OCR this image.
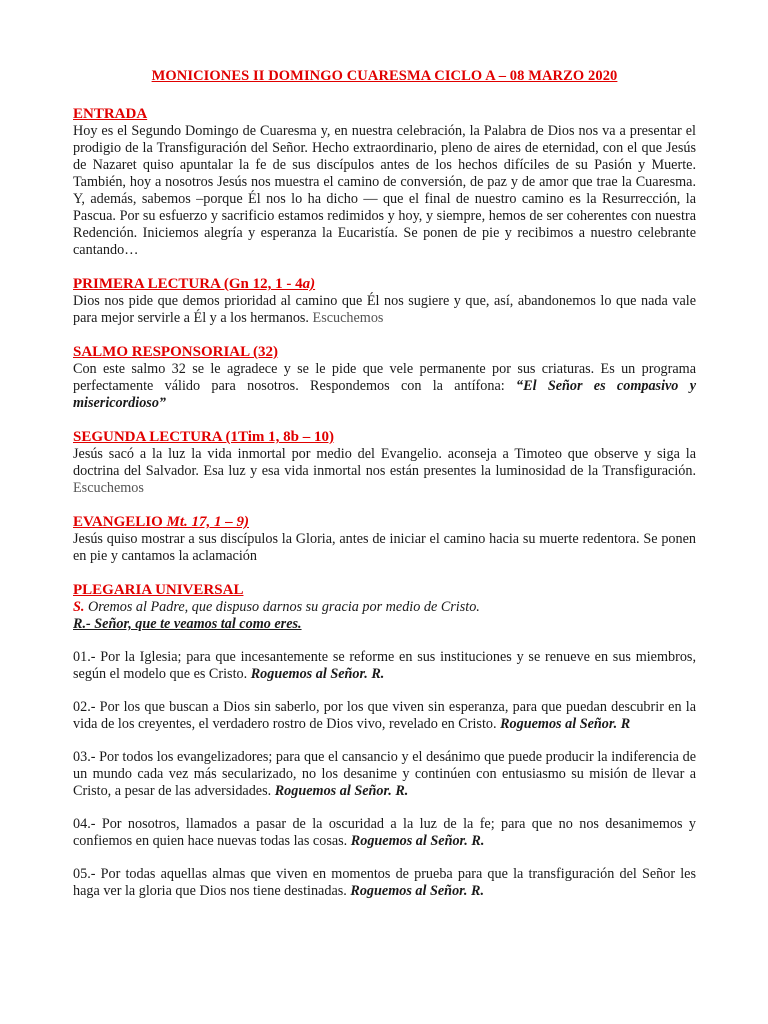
MONICIONES II DOMINGO CUARESMA CICLO A – 08 MARZO 2020
ENTRADA

Hoy es el Segundo Domingo de Cuaresma y, en nuestra celebración, la Palabra de Dios nos va a presentar el prodigio de la Transfiguración del Señor. Hecho extraordinario, pleno de aires de eternidad, con el que Jesús de Nazaret quiso apuntalar la fe de sus discípulos antes de los hechos difíciles de su Pasión y Muerte. También, hoy a nosotros Jesús nos muestra el camino de conversión, de paz y de amor que trae la Cuaresma. Y, además, sabemos –porque Él nos lo ha dicho — que el final de nuestro camino es la Resurrección, la Pascua. Por su esfuerzo y sacrificio estamos redimidos y hoy, y siempre, hemos de ser coherentes con nuestra Redención. Iniciemos alegría y esperanza la Eucaristía. Se ponen de pie y recibimos a nuestro celebrante cantando…

PRIMERA LECTURA (Gn 12, 1 - 4a)

Dios nos pide que demos prioridad al camino que Él nos sugiere y que, así, abandonemos lo que nada vale para mejor servirle a Él y a los hermanos. Escuchemos

SALMO RESPONSORIAL (32)

Con este salmo 32 se le agradece y se le pide que vele permanente por sus criaturas. Es un programa perfectamente válido para nosotros. Respondemos con la antífona: “El Señor es compasivo y misericordioso”

SEGUNDA LECTURA (1Tim 1, 8b – 10)

Jesús sacó a la luz la vida inmortal por medio del Evangelio. aconseja a Timoteo que observe y siga la doctrina del Salvador. Esa luz y esa vida inmortal nos están presentes la luminosidad de la Transfiguración. Escuchemos

EVANGELIO Mt. 17, 1 – 9)

Jesús quiso mostrar a sus discípulos la Gloria, antes de iniciar el camino hacia su muerte redentora. Se ponen en pie y cantamos la aclamación

PLEGARIA UNIVERSAL

S. Oremos al Padre, que dispuso darnos su gracia por medio de Cristo.

R.- Señor, que te veamos tal como eres.

01.- Por la Iglesia; para que incesantemente se reforme en sus instituciones y se renueve en sus miembros, según el modelo que es Cristo. Roguemos al Señor. R.

02.- Por los que buscan a Dios sin saberlo, por los que viven sin esperanza, para que puedan descubrir en la vida de los creyentes, el verdadero rostro de Dios vivo, revelado en Cristo. Roguemos al Señor. R

03.- Por todos los evangelizadores; para que el cansancio y el desánimo que puede producir la indiferencia de un mundo cada vez más secularizado, no los desanime y continúen con entusiasmo su misión de llevar a Cristo, a pesar de las adversidades. Roguemos al Señor. R.

04.- Por nosotros, llamados a pasar de la oscuridad a la luz de la fe; para que no nos desanimemos y confiemos en quien hace nuevas todas las cosas. Roguemos al Señor. R.

05.- Por todas aquellas almas que viven en momentos de prueba para que la transfiguración del Señor les haga ver la gloria que Dios nos tiene destinadas. Roguemos al Señor. R.
